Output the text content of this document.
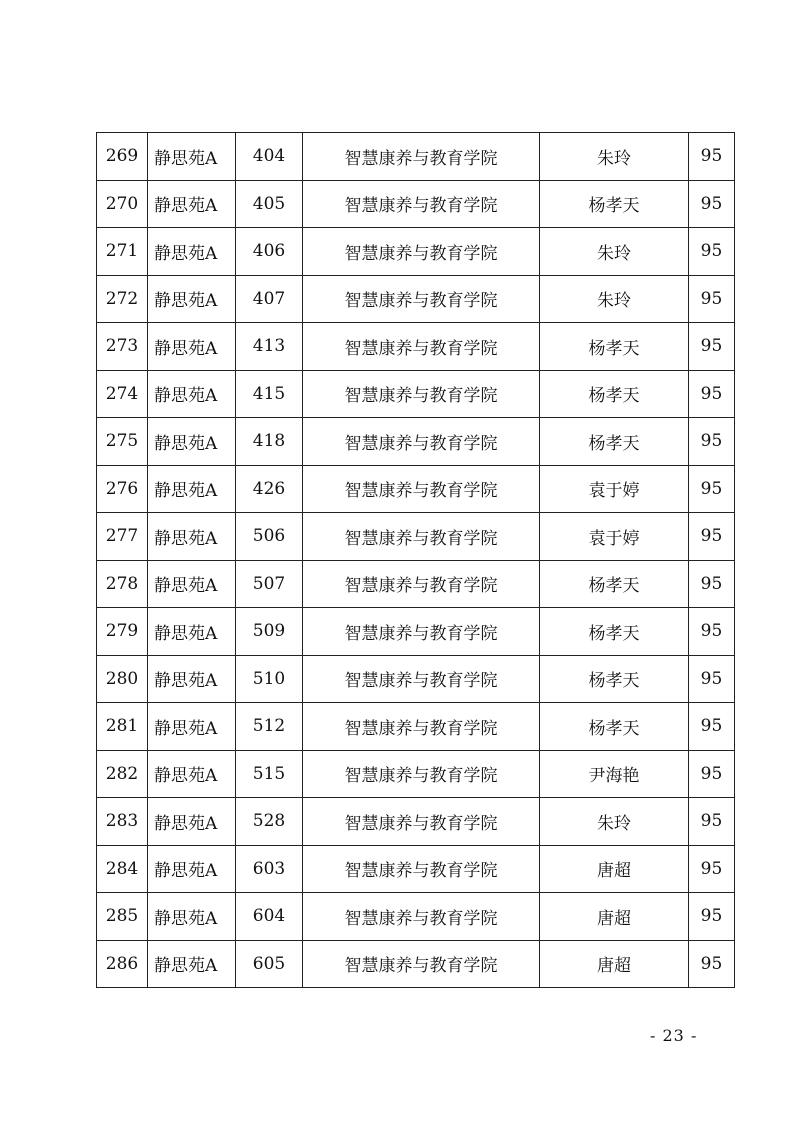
269	静思苑A	404	智慧康养与教育学院	朱玲	95
270	静思苑A	405	智慧康养与教育学院	杨孝天	95
271	静思苑A	406	智慧康养与教育学院	朱玲	95
272	静思苑A	407	智慧康养与教育学院	朱玲	95
273	静思苑A	413	智慧康养与教育学院	杨孝天	95
274	静思苑A	415	智慧康养与教育学院	杨孝天	95
275	静思苑A	418	智慧康养与教育学院	杨孝天	95
276	静思苑A	426	智慧康养与教育学院	袁于婷	95
277	静思苑A	506	智慧康养与教育学院	袁于婷	95
278	静思苑A	507	智慧康养与教育学院	杨孝天	95
279	静思苑A	509	智慧康养与教育学院	杨孝天	95
280	静思苑A	510	智慧康养与教育学院	杨孝天	95
281	静思苑A	512	智慧康养与教育学院	杨孝天	95
282	静思苑A	515	智慧康养与教育学院	尹海艳	95
283	静思苑A	528	智慧康养与教育学院	朱玲	95
284	静思苑A	603	智慧康养与教育学院	唐超	95
285	静思苑A	604	智慧康养与教育学院	唐超	95
286	静思苑A	605	智慧康养与教育学院	唐超	95
- 23 -
